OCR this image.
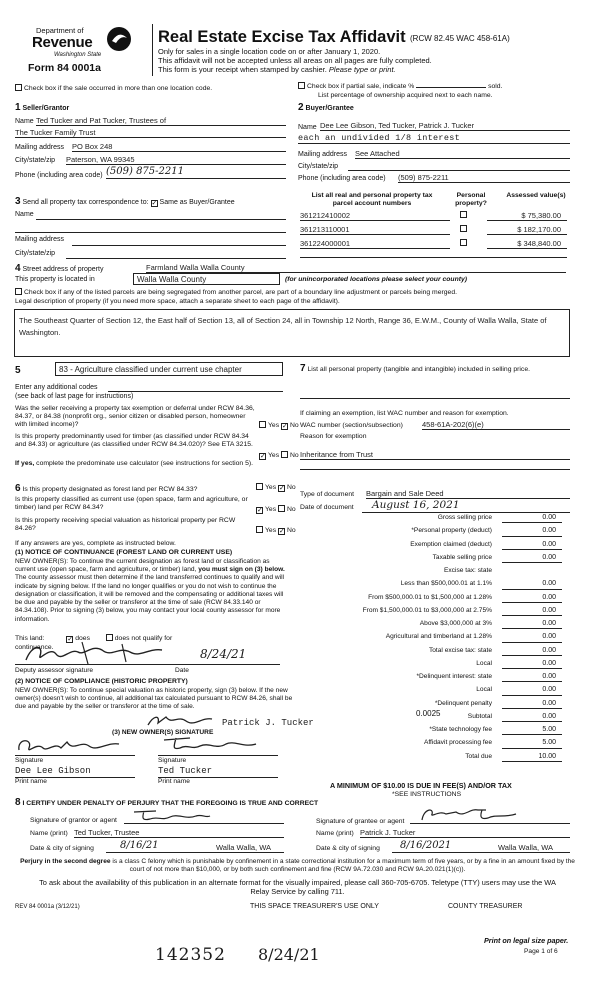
Department of
Revenue
Washington State
Form 84 0001a
Real Estate Excise Tax Affidavit (RCW 82.45 WAC 458-61A)
Only for sales in a single location code on or after January 1, 2020.
This affidavit will not be accepted unless all areas on all pages are fully completed.
This form is your receipt when stamped by cashier. Please type or print.
Check box if the sale occurred in more than one location code.	Check box if partial sale, indicate %	sold.
List percentage of ownership acquired next to each name.
1 Seller/Grantor
Name Ted Tucker and Pat Tucker, Trustees of
The Tucker Family Trust
Mailing address PO Box 248
City/state/zip Paterson, WA 99345
Phone (including area code) (509) 875-2211
2 Buyer/Grantee
Name Dee Lee Gibson, Ted Tucker, Patrick J. Tucker
each an undivided 1/8 interest
Mailing address See Attached
City/state/zip
Phone (including area code) (509) 875-2211
3 Send all property tax correspondence to: ✓ Same as Buyer/Grantee
Name
Mailing address
City/state/zip
List all real and personal property tax parcel account numbers
Personal property?
Assessed value(s)
361212410002	$ 75,380.00
361213110001	$ 182,170.00
361224000001	$ 348,840.00
4 Street address of property	Farmland Walla Walla County
This property is located in	Walla Walla County	(for unincorporated locations please select your county)
Check box if any of the listed parcels are being segregated from another parcel, are part of a boundary line adjustment or parcels being merged.
Legal description of property (if you need more space, attach a separate sheet to each page of the affidavit).
The Southeast Quarter of Section 12, the East half of Section 13, all of Section 24, all in Township 12 North, Range 36, E.W.M., County of Walla Walla, State of Washington.
5	83 - Agriculture classified under current use chapter
Enter any additional codes
(see back of last page for instructions)
Was the seller receiving a property tax exemption or deferral under RCW 84.36, 84.37, or 84.38 (nonprofit org., senior citizen or disabled person, homeowner with limited income)?	Yes ✓ No
Is this property predominantly used for timber (as classified under RCW 84.34 and 84.33) or agriculture (as classified under RCW 84.34.020)? See ETA 3215.
✓ Yes No
If yes, complete the predominate use calculator (see instructions for section 5).
7 List all personal property (tangible and intangible) included in selling price.
If claiming an exemption, list WAC number and reason for exemption.
WAC number (section/subsection)	458-61A-202(6)(e)
Reason for exemption
Inheritance from Trust
6 Is this property designated as forest land per RCW 84.33?	Yes ✓ No
Is this property classified as current use (open space, farm and agriculture, or timber) land per RCW 84.34?	✓ Yes No
Is this property receiving special valuation as historical property per RCW 84.26?	Yes ✓ No
If any answers are yes, complete as instructed below.
(1) NOTICE OF CONTINUANCE (FOREST LAND OR CURRENT USE)
NEW OWNER(S): To continue the current designation as forest land or classification as current use (open space, farm and agriculture, or timber) land, you must sign on (3) below. The county assessor must then determine if the land transferred continues to qualify and will indicate by signing below. If the land no longer qualifies or you do not wish to continue the designation or classification, it will be removed and the compensating or additional taxes will be due and payable by the seller or transferor at the time of sale (RCW 84.33.140 or 84.34.108). Prior to signing (3) below, you may contact your local county assessor for more information.
This land:	✓ does	does not qualify for
continuance.	8/24/21
Deputy assessor signature	Date
(2) NOTICE OF COMPLIANCE (HISTORIC PROPERTY)
NEW OWNER(S): To continue special valuation as historic property, sign (3) below. If the new owner(s) doesn't wish to continue, all additional tax calculated pursuant to RCW 84.26, shall be due and payable by the seller or transferor at the time of sale.
Patrick J. Tucker
(3) NEW OWNER(S) SIGNATURE
Signature	Signature
Dee Lee Gibson	Ted Tucker
Print name	Print name
Type of document Bargain and Sale Deed
Date of document	August 16, 2021
Gross selling price	0.00
*Personal property (deduct)	0.00
Exemption claimed (deduct)	0.00
Taxable selling price	0.00
Excise tax: state
Less than $500,000.01 at 1.1%	0.00
From $500,000.01 to $1,500,000 at 1.28%	0.00
From $1,500,000.01 to $3,000,000 at 2.75%	0.00
Above $3,000,000 at 3%	0.00
Agricultural and timberland at 1.28%	0.00
Total excise tax: state	0.00
Local	0.00
*Delinquent interest: state	0.00
Local	0.00
*Delinquent penalty	0.00
Subtotal	0.00
*State technology fee	5.00
Affidavit processing fee	5.00
Total due	10.00
0.0025
A MINIMUM OF $10.00 IS DUE IN FEE(S) AND/OR TAX
*SEE INSTRUCTIONS
8 I CERTIFY UNDER PENALTY OF PERJURY THAT THE FOREGOING IS TRUE AND CORRECT
Signature of grantor or agent	Signature of grantee or agent
Name (print) Ted Tucker, Trustee	Name (print) Patrick J. Tucker
Date & city of signing	8/16/21	Walla Walla, WA	Date & city of signing	8/16/2021	Walla Walla, WA
Perjury in the second degree is a class C felony which is punishable by confinement in a state correctional institution for a maximum term of five years, or by a fine in an amount fixed by the court of not more than $10,000, or by both such confinement and fine (RCW 9A.72.030 and RCW 9A.20.021(1)(c)).
To ask about the availability of this publication in an alternate format for the visually impaired, please call 360-705-6705. Teletype (TTY) users may use the WA Relay Service by calling 711.
REV 84 0001a (3/12/21)	THIS SPACE TREASURER'S USE ONLY	COUNTY TREASURER
142352 8/24/21
Print on legal size paper.
Page 1 of 6
